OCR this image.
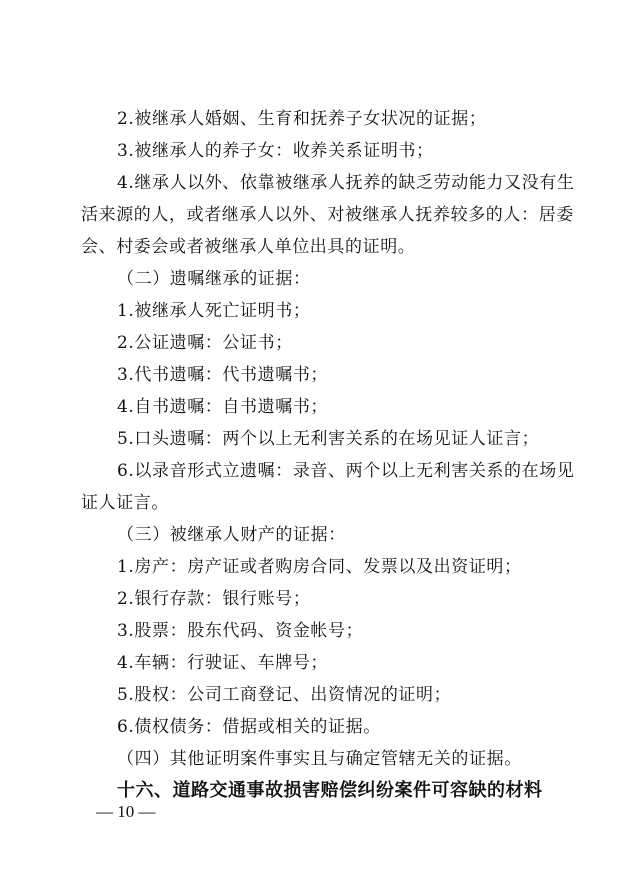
2.被继承人婚姻、生育和抚养子女状况的证据；
3.被继承人的养子女：收养关系证明书；
4.继承人以外、依靠被继承人抚养的缺乏劳动能力又没有生
活来源的人，或者继承人以外、对被继承人抚养较多的人：居委
会、村委会或者被继承人单位出具的证明。
（二）遗嘱继承的证据：
1.被继承人死亡证明书；
2.公证遗嘱：公证书；
3.代书遗嘱：代书遗嘱书；
4.自书遗嘱：自书遗嘱书；
5.口头遗嘱：两个以上无利害关系的在场见证人证言；
6.以录音形式立遗嘱：录音、两个以上无利害关系的在场见
证人证言。
（三）被继承人财产的证据：
1.房产：房产证或者购房合同、发票以及出资证明；
2.银行存款：银行账号；
3.股票：股东代码、资金帐号；
4.车辆：行驶证、车牌号；
5.股权：公司工商登记、出资情况的证明；
6.债权债务：借据或相关的证据。
（四）其他证明案件事实且与确定管辖无关的证据。
十六、道路交通事故损害赔偿纠纷案件可容缺的材料
— 10 —
